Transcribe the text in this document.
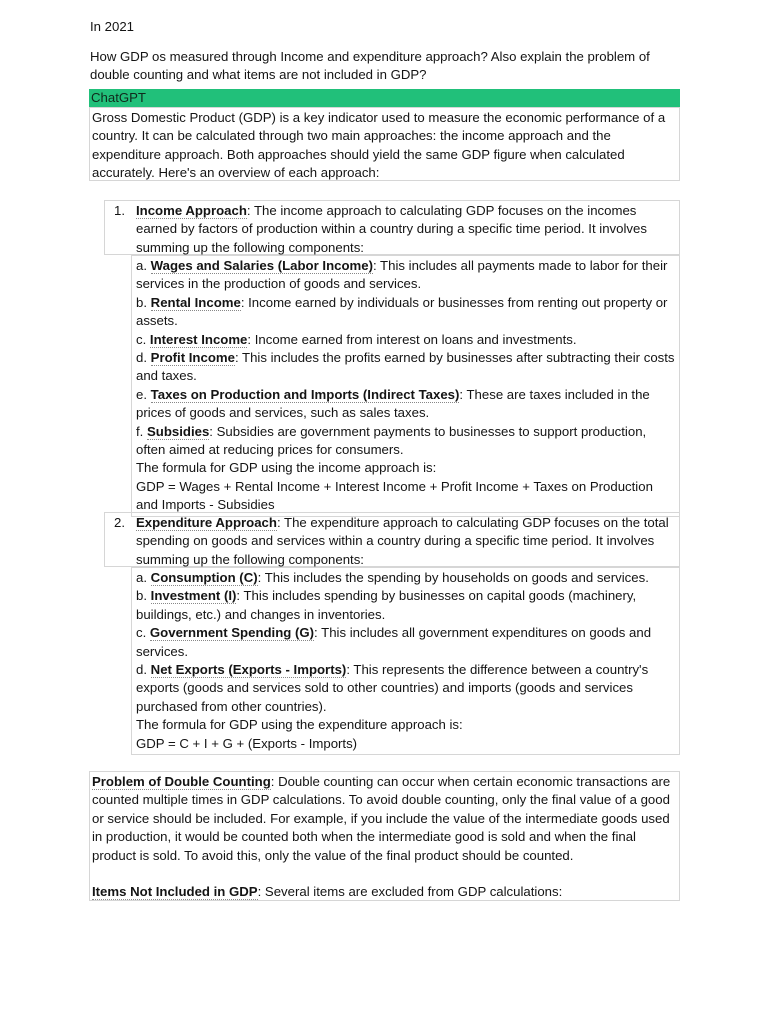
In 2021
How GDP os measured through Income and expenditure approach? Also explain the problem of double counting and what items are not included in GDP?
ChatGPT
Gross Domestic Product (GDP) is a key indicator used to measure the economic performance of a country. It can be calculated through two main approaches: the income approach and the expenditure approach. Both approaches should yield the same GDP figure when calculated accurately. Here's an overview of each approach:
1. Income Approach: The income approach to calculating GDP focuses on the incomes earned by factors of production within a country during a specific time period. It involves summing up the following components:
a. Wages and Salaries (Labor Income): This includes all payments made to labor for their services in the production of goods and services.
b. Rental Income: Income earned by individuals or businesses from renting out property or assets.
c. Interest Income: Income earned from interest on loans and investments.
d. Profit Income: This includes the profits earned by businesses after subtracting their costs and taxes.
e. Taxes on Production and Imports (Indirect Taxes): These are taxes included in the prices of goods and services, such as sales taxes.
f. Subsidies: Subsidies are government payments to businesses to support production, often aimed at reducing prices for consumers.
The formula for GDP using the income approach is:
GDP = Wages + Rental Income + Interest Income + Profit Income + Taxes on Production and Imports - Subsidies
2. Expenditure Approach: The expenditure approach to calculating GDP focuses on the total spending on goods and services within a country during a specific time period. It involves summing up the following components:
a. Consumption (C): This includes the spending by households on goods and services.
b. Investment (I): This includes spending by businesses on capital goods (machinery, buildings, etc.) and changes in inventories.
c. Government Spending (G): This includes all government expenditures on goods and services.
d. Net Exports (Exports - Imports): This represents the difference between a country's exports (goods and services sold to other countries) and imports (goods and services purchased from other countries).
The formula for GDP using the expenditure approach is:
GDP = C + I + G + (Exports - Imports)
Problem of Double Counting: Double counting can occur when certain economic transactions are counted multiple times in GDP calculations. To avoid double counting, only the final value of a good or service should be included. For example, if you include the value of the intermediate goods used in production, it would be counted both when the intermediate good is sold and when the final product is sold. To avoid this, only the value of the final product should be counted.
Items Not Included in GDP: Several items are excluded from GDP calculations:
